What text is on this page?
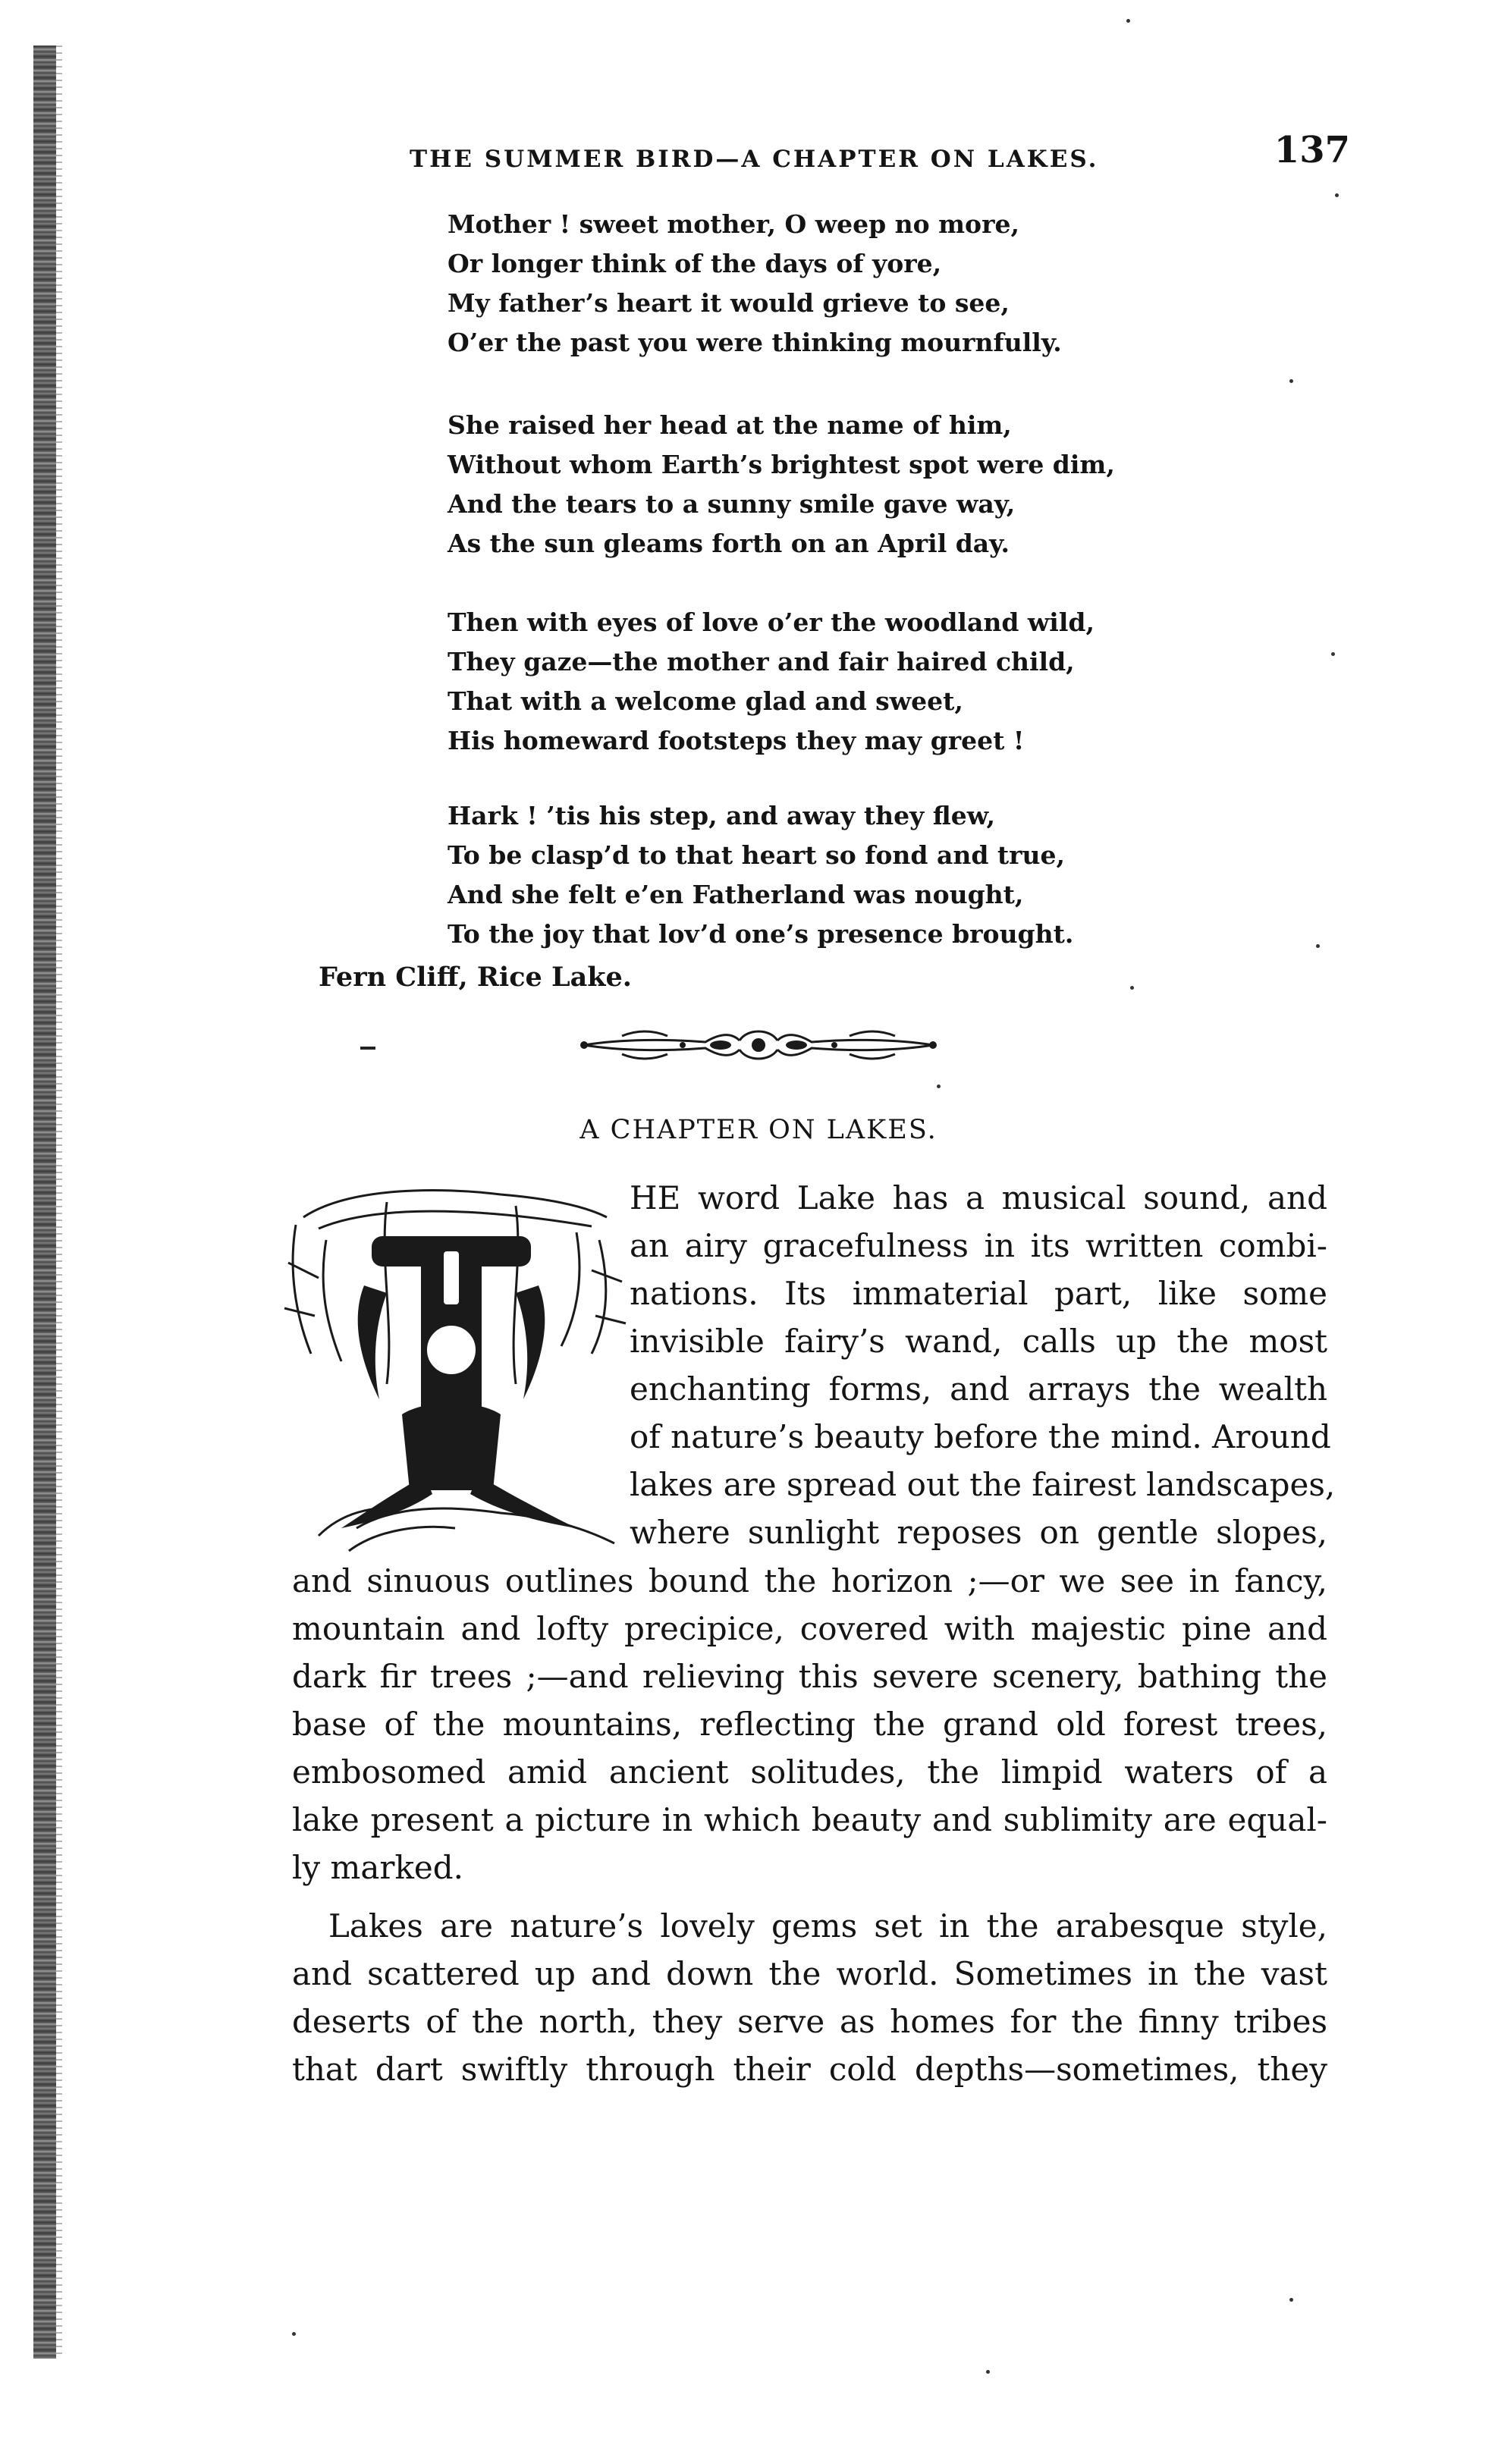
THE SUMMER BIRD—A CHAPTER ON LAKES.	137
Mother ! sweet mother, O weep no more,
Or longer think of the days of yore,
My father’s heart it would grieve to see,
O’er the past you were thinking mournfully.
She raised her head at the name of him,
Without whom Earth’s brightest spot were dim,
And the tears to a sunny smile gave way,
As the sun gleams forth on an April day.
Then with eyes of love o’er the woodland wild,
They gaze—the mother and fair haired child,
That with a welcome glad and sweet,
His homeward footsteps they may greet !
Hark ! ’tis his step, and away they flew,
To be clasp’d to that heart so fond and true,
And she felt e’en Fatherland was nought,
To the joy that lov’d one’s presence brought.
Fern Cliff, Rice Lake.
A CHAPTER ON LAKES.
HE word Lake has a musical sound, and
an airy gracefulness in its written combi-
nations. Its immaterial part, like some
invisible fairy’s wand, calls up the most
enchanting forms, and arrays the wealth
of nature’s beauty before the mind. Around
lakes are spread out the fairest landscapes,
where sunlight reposes on gentle slopes,
and sinuous outlines bound the horizon ;—or we see in fancy,
mountain and lofty precipice, covered with majestic pine and
dark fir trees ;—and relieving this severe scenery, bathing the
base of the mountains, reflecting the grand old forest trees,
embosomed amid ancient solitudes, the limpid waters of a
lake present a picture in which beauty and sublimity are equal-
ly marked.
Lakes are nature’s lovely gems set in the arabesque style,
and scattered up and down the world. Sometimes in the vast
deserts of the north, they serve as homes for the finny tribes
that dart swiftly through their cold depths—sometimes, they
